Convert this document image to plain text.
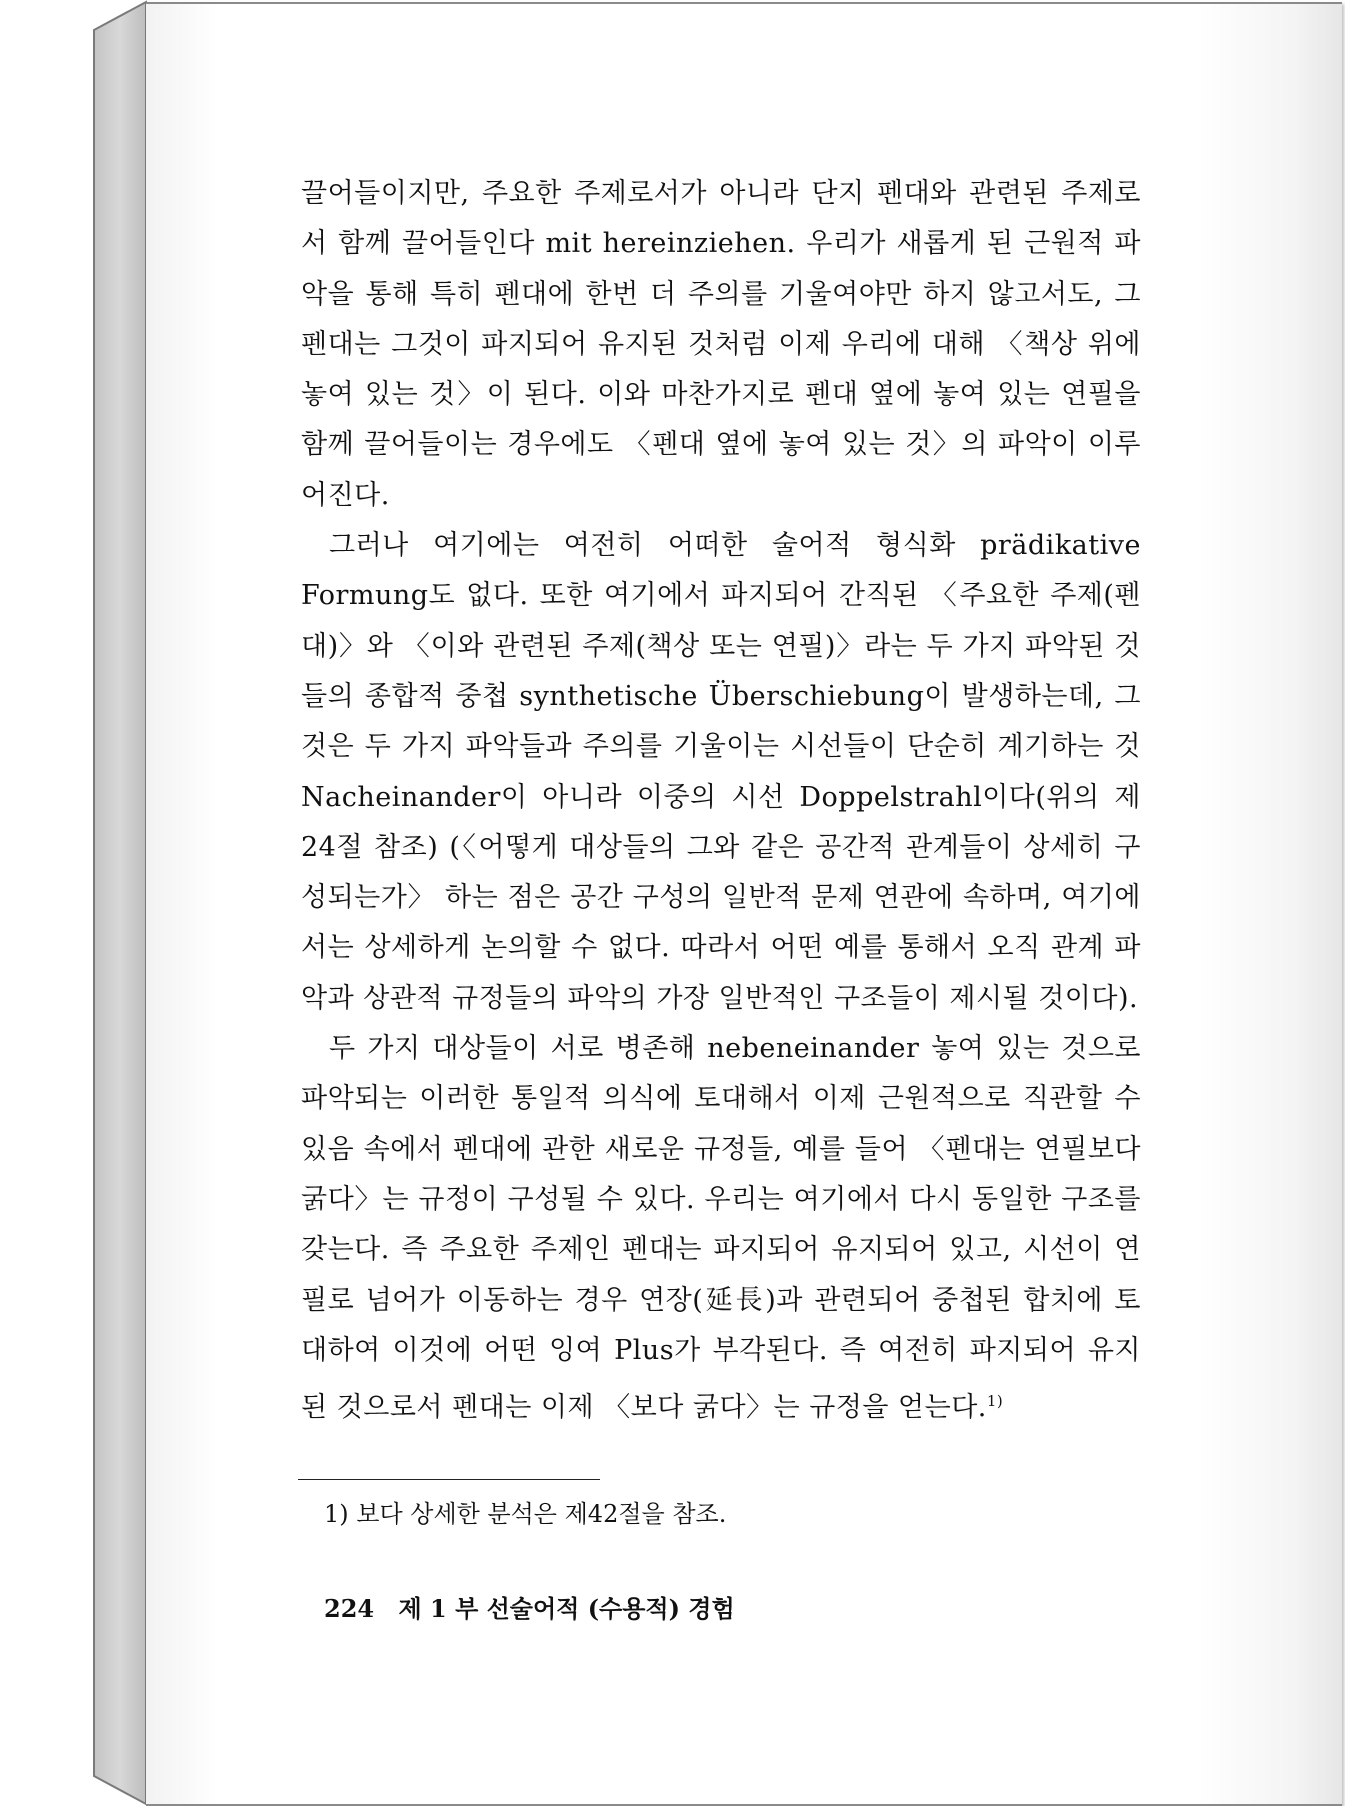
끌어들이지만, 주요한 주제로서가 아니라 단지 펜대와 관련된 주제로서 함께 끌어들인다 mit hereinziehen. 우리가 새롭게 된 근원적 파악을 통해 특히 펜대에 한번 더 주의를 기울여야만 하지 않고서도, 그 펜대는 그것이 파지되어 유지된 것처럼 이제 우리에 대해 〈책상 위에 놓여 있는 것〉이 된다. 이와 마찬가지로 펜대 옆에 놓여 있는 연필을 함께 끌어들이는 경우에도 〈펜대 옆에 놓여 있는 것〉의 파악이 이루어진다.

그러나 여기에는 여전히 어떠한 술어적 형식화 prädikative Formung도 없다. 또한 여기에서 파지되어 간직된 〈주요한 주제(펜대)〉와 〈이와 관련된 주제(책상 또는 연필)〉라는 두 가지 파악된 것들의 종합적 중첩 synthetische Überschiebung이 발생하는데, 그것은 두 가지 파악들과 주의를 기울이는 시선들이 단순히 계기하는 것 Nacheinander이 아니라 이중의 시선 Doppelstrahl이다(위의 제24절 참조) (〈어떻게 대상들의 그와 같은 공간적 관계들이 상세히 구성되는가〉 하는 점은 공간 구성의 일반적 문제 연관에 속하며, 여기에서는 상세하게 논의할 수 없다. 따라서 어떤 예를 통해서 오직 관계 파악과 상관적 규정들의 파악의 가장 일반적인 구조들이 제시될 것이다).

두 가지 대상들이 서로 병존해 nebeneinander 놓여 있는 것으로 파악되는 이러한 통일적 의식에 토대해서 이제 근원적으로 직관할 수 있음 속에서 펜대에 관한 새로운 규정들, 예를 들어 〈펜대는 연필보다 굵다〉는 규정이 구성될 수 있다. 우리는 여기에서 다시 동일한 구조를 갖는다. 즉 주요한 주제인 펜대는 파지되어 유지되어 있고, 시선이 연필로 넘어가 이동하는 경우 연장(延長)과 관련되어 중첩된 합치에 토대하여 이것에 어떤 잉여 Plus가 부각된다. 즉 여전히 파지되어 유지된 것으로서 펜대는 이제 〈보다 굵다〉는 규정을 얻는다.$^{1)}$

1) 보다 상세한 분석은 제42절을 참조.
224 제 1 부 선술어적 (수용적) 경험
